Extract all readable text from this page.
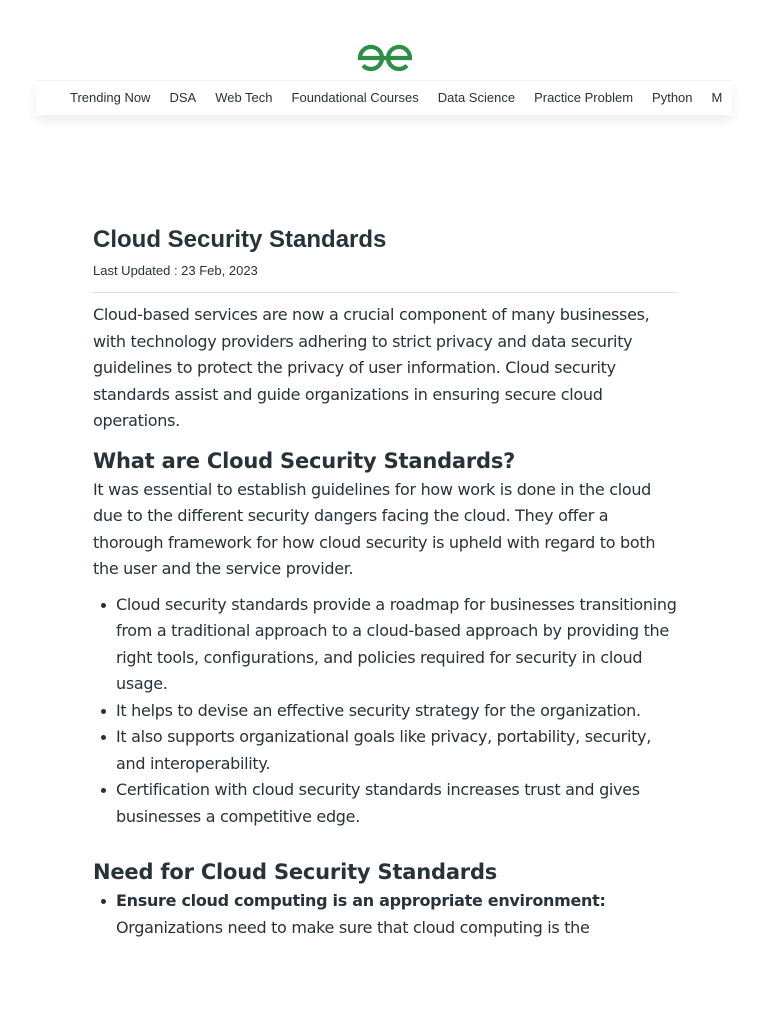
Trending Now DSA Web Tech Foundational Courses Data Science Practice Problem Python M
Cloud Security Standards
Last Updated : 23 Feb, 2023

Cloud-based services are now a crucial component of many businesses, with technology providers adhering to strict privacy and data security guidelines to protect the privacy of user information. Cloud security standards assist and guide organizations in ensuring secure cloud operations.

What are Cloud Security Standards?

It was essential to establish guidelines for how work is done in the cloud due to the different security dangers facing the cloud. They offer a thorough framework for how cloud security is upheld with regard to both the user and the service provider.

Cloud security standards provide a roadmap for businesses transitioning from a traditional approach to a cloud-based approach by providing the right tools, configurations, and policies required for security in cloud usage.
It helps to devise an effective security strategy for the organization.
It also supports organizational goals like privacy, portability, security, and interoperability.
Certification with cloud security standards increases trust and gives businesses a competitive edge.
Need for Cloud Security Standards
Ensure cloud computing is an appropriate environment: Organizations need to make sure that cloud computing is the
